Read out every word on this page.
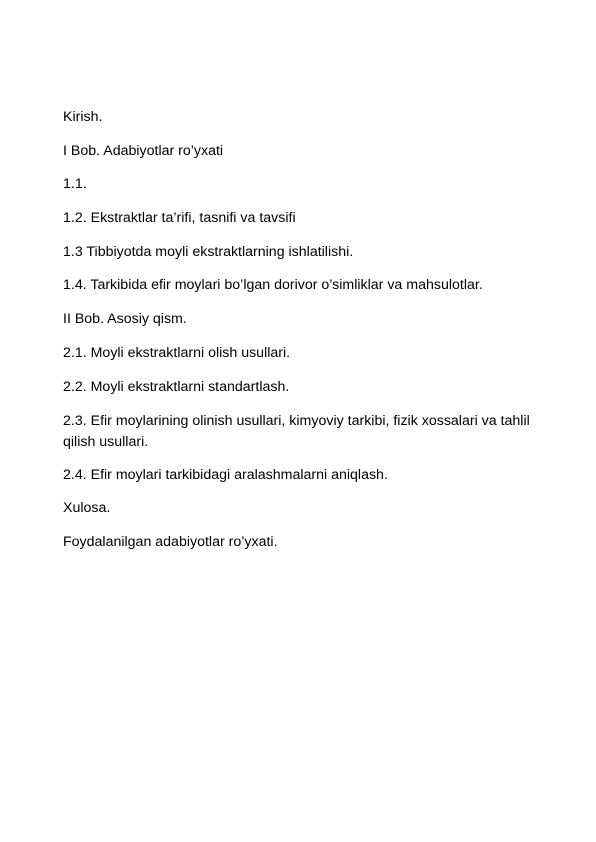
Kirish.

I Bob. Adabiyotlar ro’yxati

1.1.

1.2. Ekstraktlar ta’rifi, tasnifi va tavsifi

1.3 Tibbiyotda moyli ekstraktlarning ishlatilishi.

1.4. Tarkibida efir moylari bo’lgan dorivor o’simliklar va mahsulotlar.

II Bob. Asosiy qism.

2.1. Moyli ekstraktlarni olish usullari.

2.2. Moyli ekstraktlarni standartlash.

2.3. Efir moylarining olinish usullari, kimyoviy tarkibi, fizik xossalari va tahlil qilish usullari.

2.4. Efir moylari tarkibidagi aralashmalarni aniqlash.

Xulosa.

Foydalanilgan adabiyotlar ro’yxati.
